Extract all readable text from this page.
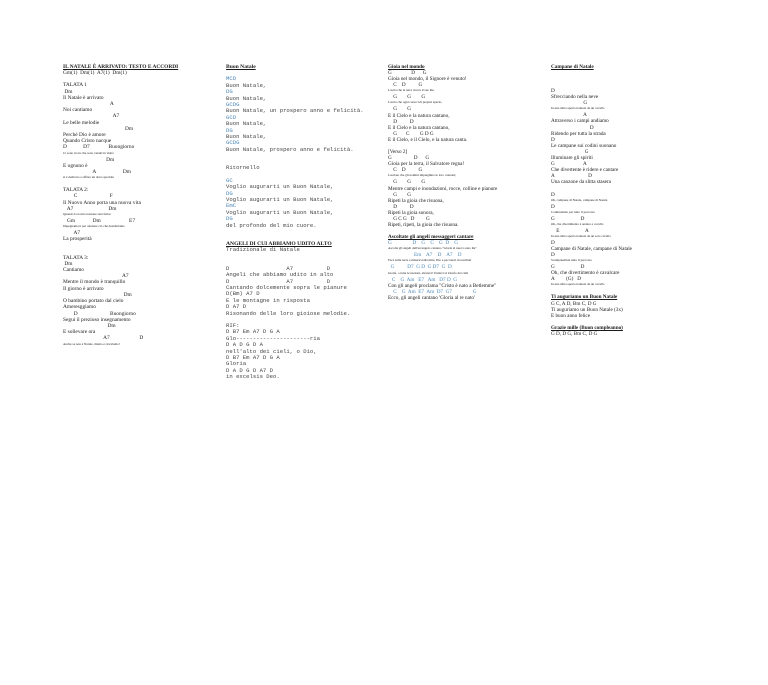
IL NATALE È ARRIVATO: TESTO E ACCORDI
Gm(1)  Dm(1)  A7(1)  Dm(1)
TALATA 1
Dm
Il Natale è arrivato
A
Noi cantiamo
A7
Le belle melodie
Dm
Perché Dio è amore
Quando Cristo nacque
D            D7              Buongiorno
Ci sono tra in che sono venuti in visita
Dm
E ognuno è
A                    Dm
si è dedicato a offrire un dono speciale
TALATA 2:
C                        F
Il Nuovo Anno porta una nuova vita
A7                          Dm
Quando la nostra nazione sarà felice
Gm             Dm                     E7
Impegnamoci per ottenere ciò che desideriamo
A7
La prosperità
TALATA 3:
Dm
Cantiamo
A7
Mentre il mondo è tranquillo
Il giorno è arrivato
Dm
O bambino portato dal cielo
Ameresggiamo
D                        Buongiorno
Segui il prezioso insegnamento
Dm
E sollevare ora
A7                      D
Anche se non è Natale, diamo e riceviamo!
Buon Natale
MCD
Buon Natale,
DG
Buon Natale,
GCDG
Buon Natale, un prospero anno e felicità.
GCD
Buon Natale,
DG
Buon Natale,
GCDG
Buon Natale, prospero anno e felicità.
Ritornello
GC
Voglio augurarti un Buon Natale,
DG
Voglio augurarti un Buon Natale,
EmC
Voglio augurarti un Buon Natale,
DG
del profondo del mio cuore.
ANGELI DI CUI ABBIAMO UDITO ALTO
Tradizionale di Natale
D                 A7          D
Angeli che abbiamo udito in alto
D                 A7          D
Cantando dolcemente sopra le pianure
D(Bm) A7 D
E le montagne in risposta
D A7 D
Risonando delle loro gioiose melodie.
RIF:
D B7 Em A7 D G A
Glo----------------------ria
D A D G D A
nell'alto dei cieli, o Dio,
D B7 Em A7 D G A
Gloria
D A D G D A7 D
in excelsis Deo.
Gioia nel mondo
G               D      G
Gioia nel mondo, il Signore è venuto!
C    D          G
Lascia che la terra riceva il suo Re;
G        G        G
Lascia che ogni cuore Gli prepari spazio,
G        G
E il Cielo e la natura cantano,
D          D
E il Cielo e la natura cantano,
G       C        G D G
E il Cielo, e il Cielo, e la natura canta.
[Verso 2]
G                 D      G
Gioia per la terra, il Salvatore regna!
C    D          G
Lasciate che gli uomini impieghino le loro canzoni;
G        G        G
Mentre campi e inondazioni, rocce, colline e pianure
G        G
Ripeti la gioia che risuona,
D          D
Ripeti la gioia sonora,
G C G   D         G
Ripeti, ripeti, la gioia che risuona.
Ascoltate gli angeli messaggeri cantare
G                D    G    C    G  D    G
Ascolta gli angeli dell'arcangelo cantano "Gloria al nuovo nato Re"
Em    A7    D    A7    D
Pace sulla terra e misericordia mite, Dio e peccatori riconciliati
G          D7  G D  G D7  G  D
Gioite, o tutte le nazioni, alzatevi! Unitevi al trionfo dei cieli
C    G  Am   E7   Am   D7 D  G
Con gli angeli proclama "Cristo è nato a Betlemme"
C    G  Am  E7  Am  D7  G7                G
Ecco, gli angeli cantano 'Gloria al re nato'
Campane di Natale
D
Sfrecciando nella neve
G
In una slitta aperta trainata da un cavallo
A
Attraverso i campi andiamo
D
Ridendo per tutta la strada
D
Le campane sui codini suonano
G
Illuminare gli spiriti
G                      A
Che divertente è ridere e cantare
A                          D
Una canzone da slitta stasera
D
Oh, campane di Natale, campane di Natale
D
Continuiamo per tutto il percorso
G                    D
Oh, che divertimento è andare a cavallo
E                    A
In una slitta aperta trainata da un solo cavallo
D
Campane di Natale, campane di Natale
D
Scampanellate tutto il percorso
G                    D
Oh, che divertimento è cavalcare
A         (G)   D
In una slitta aperta trainata da un cavallo
Ti auguriamo un Buon Natale
G C, A D, Bm C, D G
Ti auguriamo un Buon Natale (3x)
E buon anno felice
Grazie mille (Buon compleanno)
G D, D G, Bm C, D G
